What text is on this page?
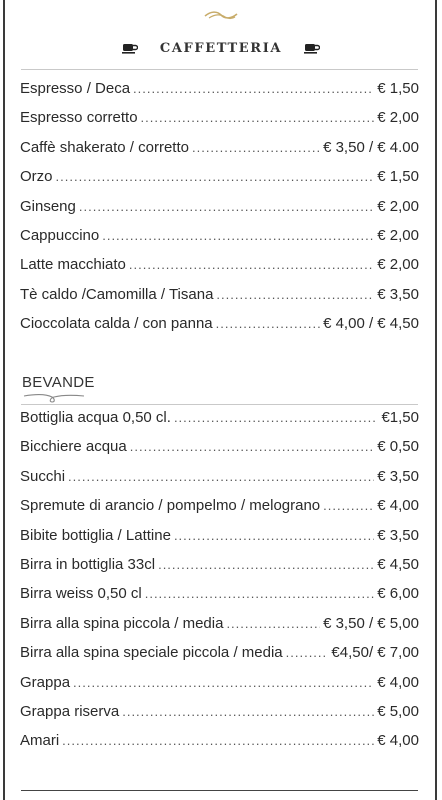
CAFFETTERIA
Espresso / Deca .....	€ 1,50
Espresso corretto .....	€ 2,00
Caffè shakerato / corretto .....	€ 3,50 / € 4.00
Orzo .....	€ 1,50
Ginseng .....	€ 2,00
Cappuccino .....	€ 2,00
Latte macchiato .....	€ 2,00
Tè caldo /Camomilla / Tisana .....	€ 3,50
Cioccolata calda / con panna .....	€ 4,00 / € 4,50
BEVANDE
Bottiglia acqua 0,50 cl. .....	€1,50
Bicchiere acqua .....	€ 0,50
Succhi .....	€ 3,50
Spremute di arancio / pompelmo / melograno .....	€ 4,00
Bibite bottiglia / Lattine .....	€ 3,50
Birra in bottiglia 33cl .....	€ 4,50
Birra weiss 0,50 cl .....	€ 6,00
Birra alla spina piccola / media .....	€ 3,50 / € 5,00
Birra alla spina speciale piccola / media .....	€4,50/ € 7,00
Grappa .....	€ 4,00
Grappa riserva .....	€ 5,00
Amari .....	€ 4,00
